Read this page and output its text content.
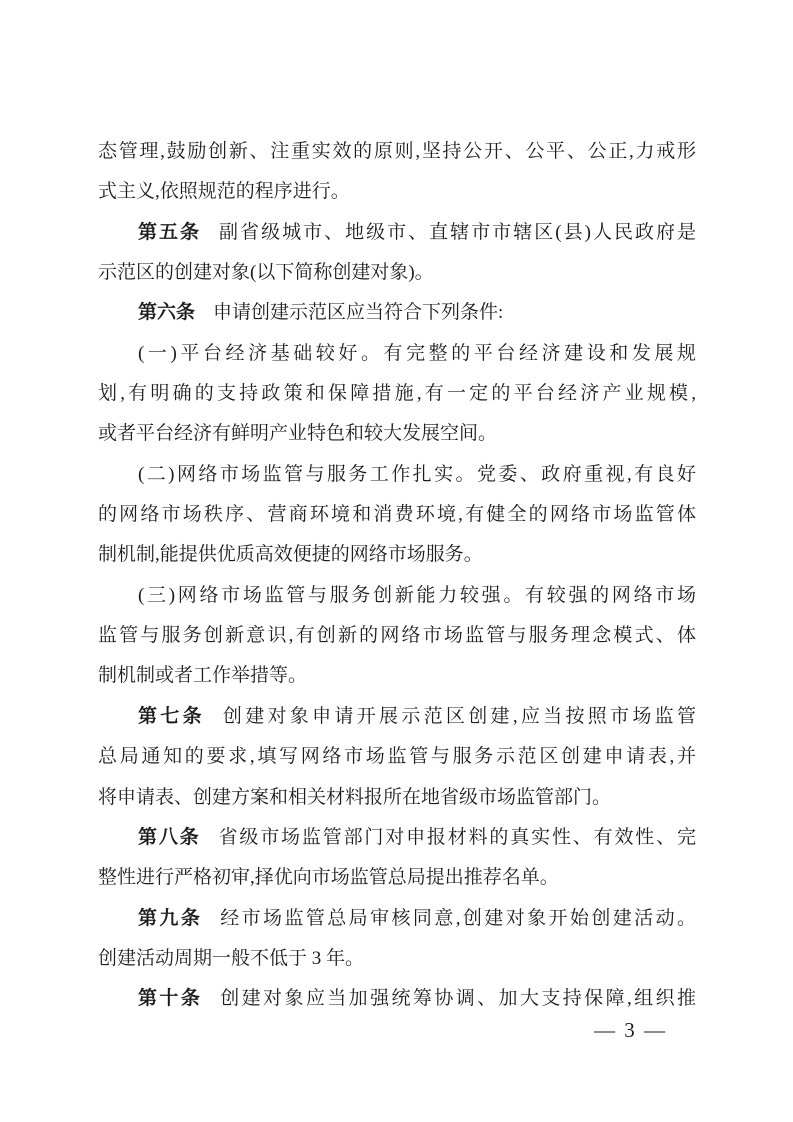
态管理,鼓励创新、注重实效的原则,坚持公开、公平、公正,力戒形
式主义,依照规范的程序进行。
第五条 副省级城市、地级市、直辖市市辖区(县)人民政府是
示范区的创建对象(以下简称创建对象)。
第六条 申请创建示范区应当符合下列条件:
(一)平台经济基础较好。有完整的平台经济建设和发展规
划,有明确的支持政策和保障措施,有一定的平台经济产业规模,
或者平台经济有鲜明产业特色和较大发展空间。
(二)网络市场监管与服务工作扎实。党委、政府重视,有良好
的网络市场秩序、营商环境和消费环境,有健全的网络市场监管体
制机制,能提供优质高效便捷的网络市场服务。
(三)网络市场监管与服务创新能力较强。有较强的网络市场
监管与服务创新意识,有创新的网络市场监管与服务理念模式、体
制机制或者工作举措等。
第七条 创建对象申请开展示范区创建,应当按照市场监管
总局通知的要求,填写网络市场监管与服务示范区创建申请表,并
将申请表、创建方案和相关材料报所在地省级市场监管部门。
第八条 省级市场监管部门对申报材料的真实性、有效性、完
整性进行严格初审,择优向市场监管总局提出推荐名单。
第九条 经市场监管总局审核同意,创建对象开始创建活动。
创建活动周期一般不低于 3 年。
第十条 创建对象应当加强统筹协调、加大支持保障,组织推
— 3 —
